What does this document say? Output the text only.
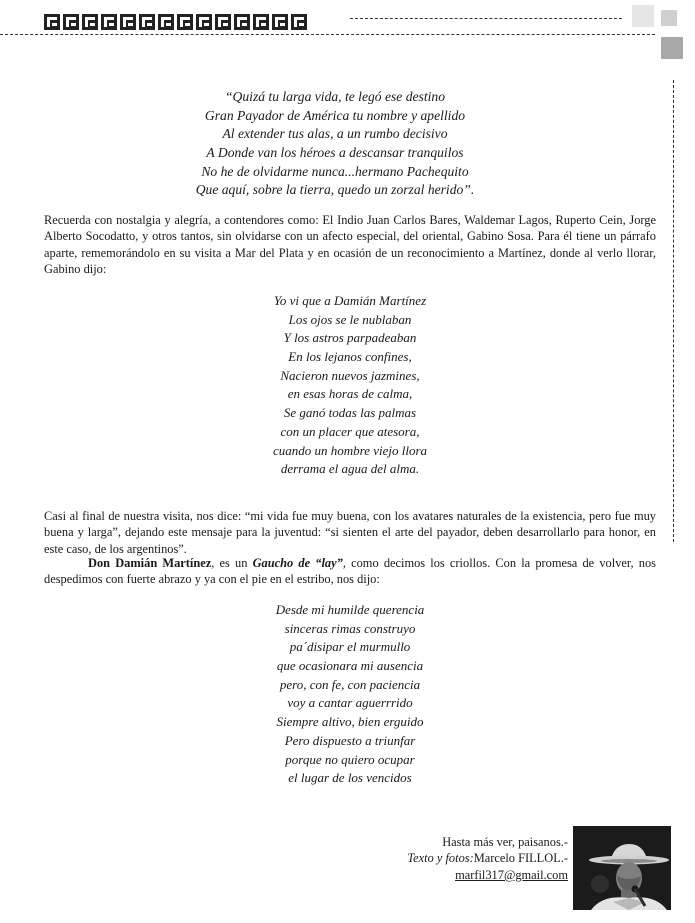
“Quizá tu larga vida, te legó ese destino
Gran Payador de América tu nombre y apellido
Al extender tus alas, a un rumbo decisivo
A Donde van los héroes a descansar tranquilos
No he de olvidarme nunca...hermano Pachequito
Que aquí, sobre la tierra, quedo un zorzal herido”.

Recuerda con nostalgia y alegría, a contendores como: El Indio Juan Carlos Bares, Waldemar Lagos, Ruperto Cein, Jorge Alberto Socodatto, y otros tantos, sin olvidarse con un afecto especial, del oriental, Gabino Sosa. Para él tiene un párrafo aparte, rememorándolo en su visita a Mar del Plata y en ocasión de un reconocimiento a Martínez, donde al verlo llorar, Gabino dijo:

Yo vi que a Damián Martínez
Los ojos se le nublaban
Y los astros parpadeaban
En los lejanos confines,
Nacieron nuevos jazmines,
en esas horas de calma,
Se ganó todas las palmas
con un placer que atesora,
cuando un hombre viejo llora
derrama el agua del alma.

Casi al final de nuestra visita, nos dice: “mi vida fue muy buena, con los avatares naturales de la existencia, pero fue muy buena y larga”, dejando este mensaje para la juventud: “si sienten el arte del payador, deben desarrollarlo para honor, en este caso, de los argentinos”.

Don Damián Martínez, es un Gaucho de “lay”, como decimos los criollos. Con la promesa de volver, nos despedimos con fuerte abrazo y ya con el pie en el estribo, nos dijo:

Desde mi humilde querencia
sinceras rimas construyo
pa´disipar el murmullo
que ocasionara mi ausencia
pero, con fe, con paciencia
voy a cantar aguerrrido
Siempre altivo, bien erguido
Pero dispuesto a triunfar
porque no quiero ocupar
el lugar de los vencidos
Hasta más ver, paisanos.-
Texto y fotos:Marcelo FILLOL.-
marfil317@gmail.com
